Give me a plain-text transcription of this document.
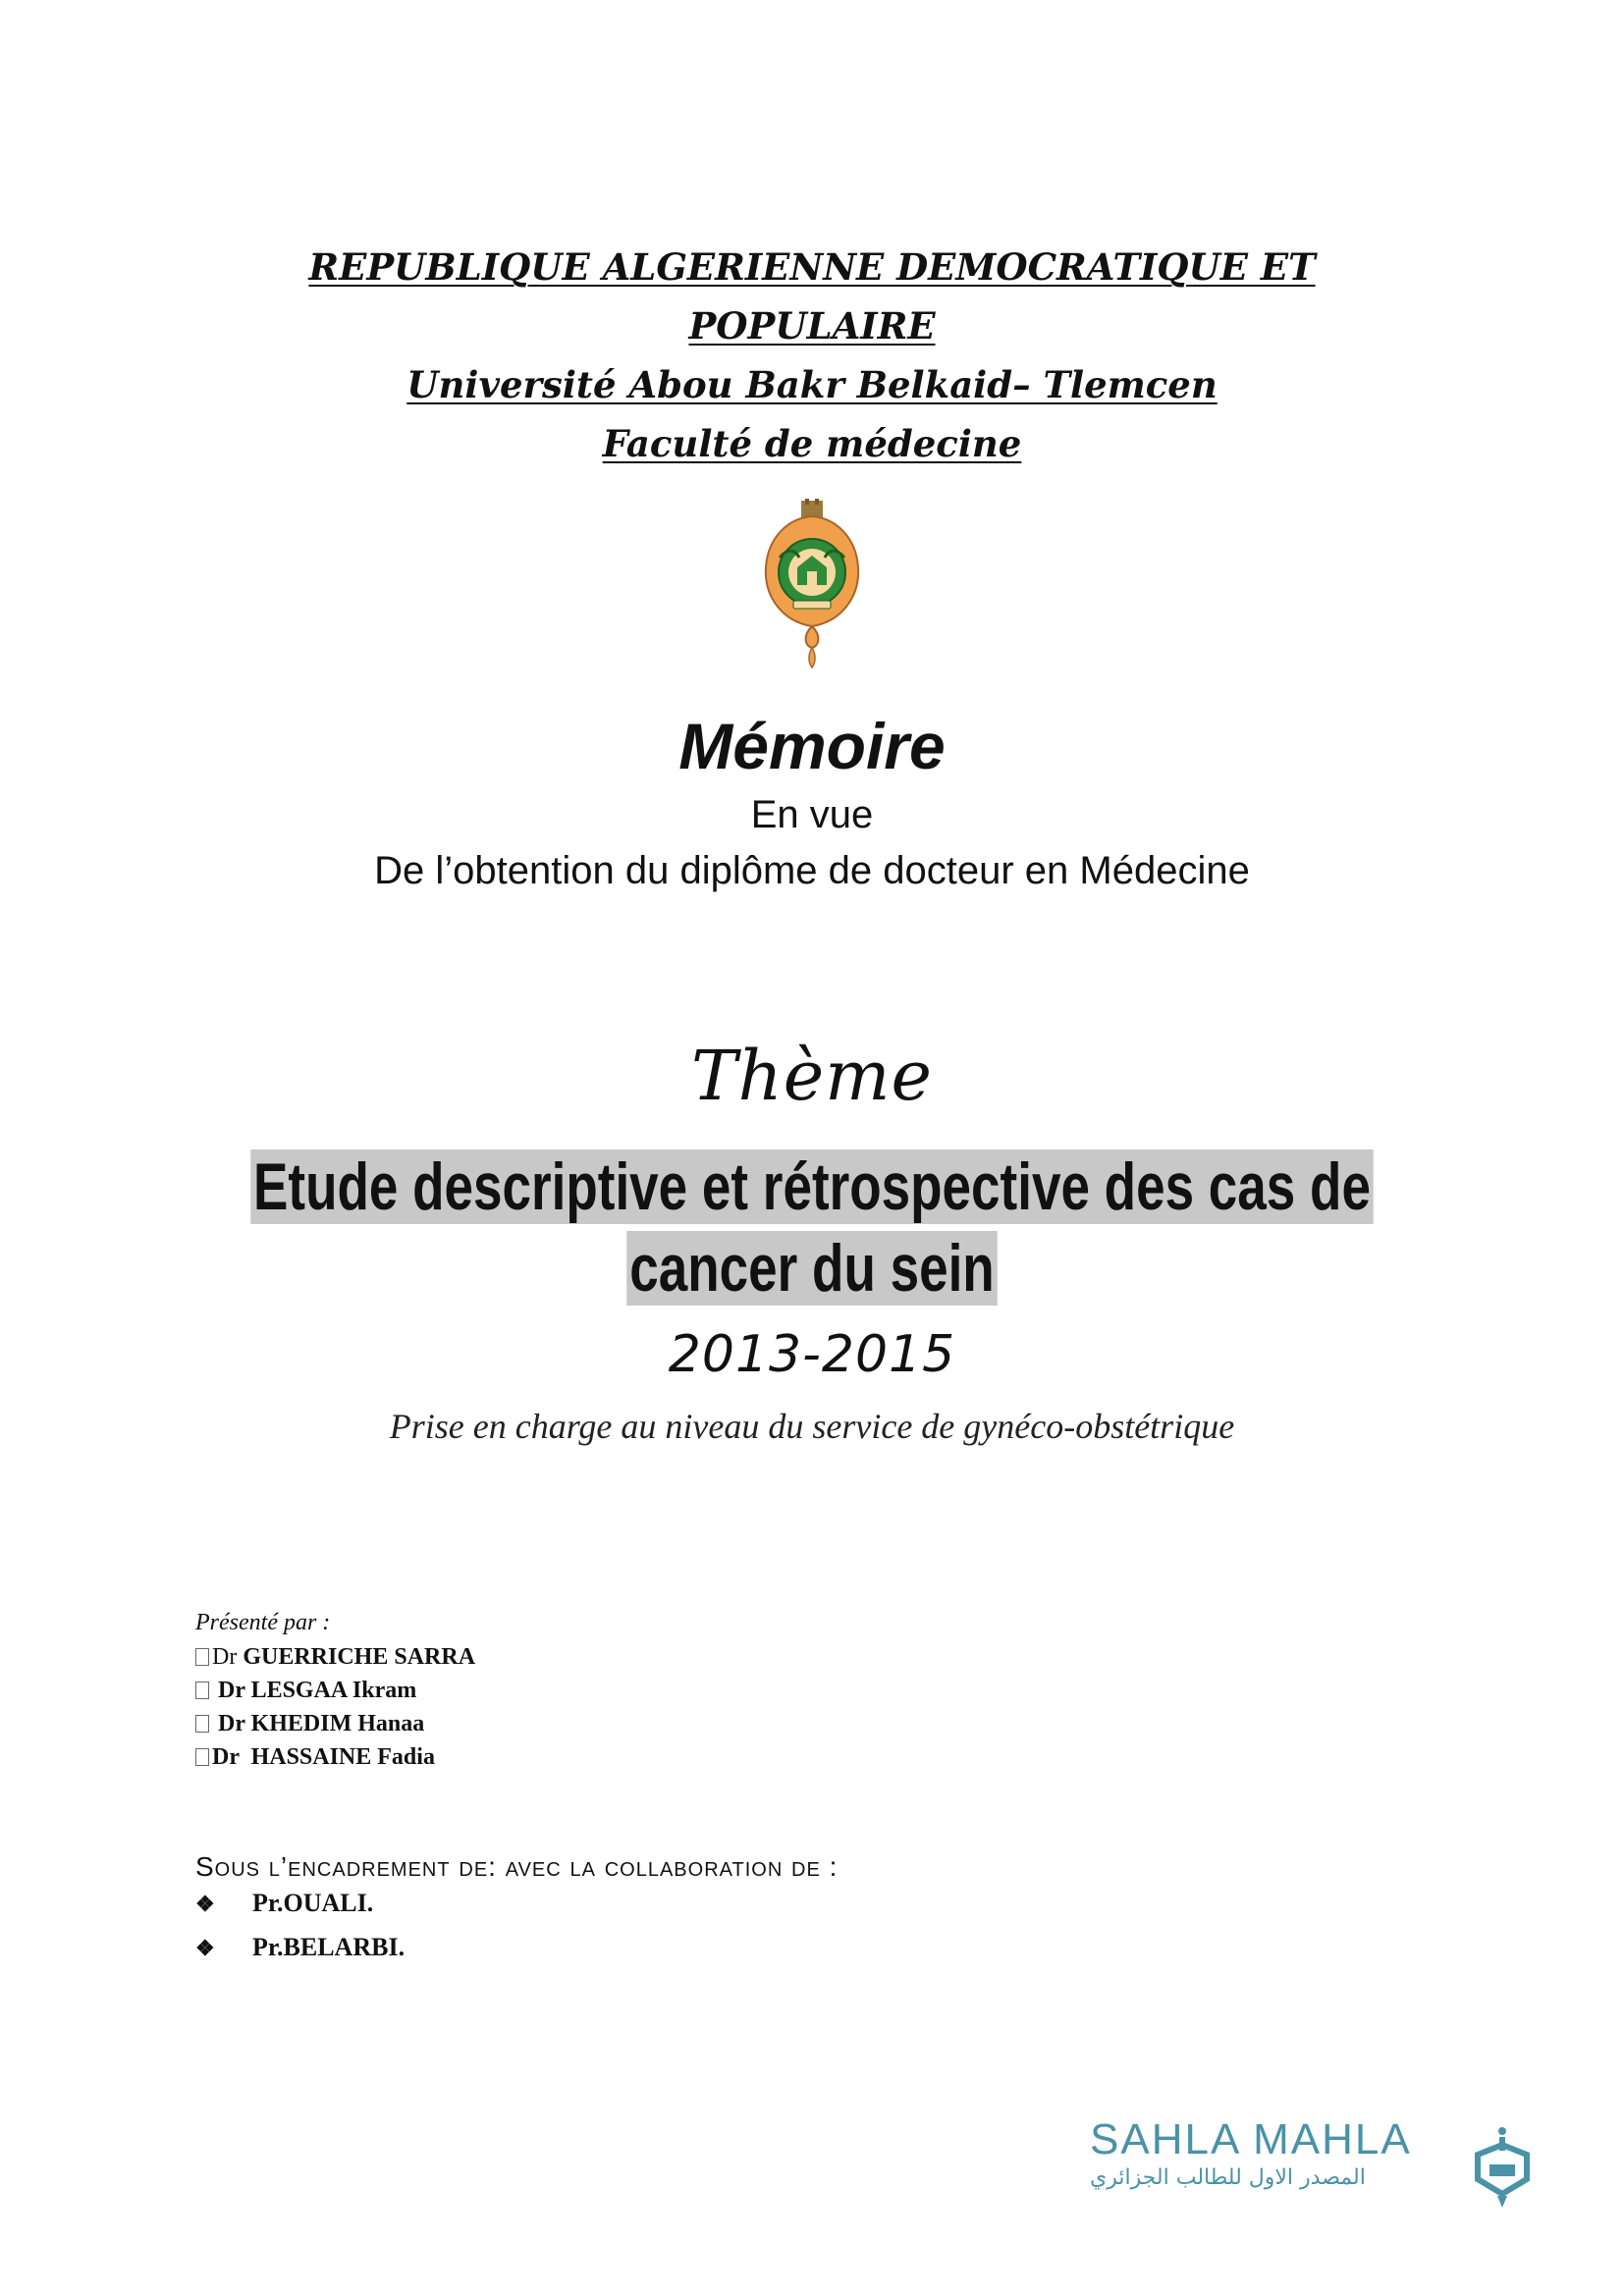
REPUBLIQUE ALGERIENNE DEMOCRATIQUE ET
POPULAIRE
Université Abou Bakr Belkaid– Tlemcen
Faculté de médecine
Mémoire
En vue
De l’obtention du diplôme de docteur en Médecine
Thème
Etude descriptive et rétrospective des cas de
cancer du sein
2013-2015
Prise en charge au niveau du service de gynéco-obstétrique
Présenté par :
Dr GUERRICHE SARRA
Dr LESGAA Ikram
Dr KHEDIM Hanaa
Dr  HASSAINE Fadia
Sous l’encadrement de: avec la collaboration de :
❖ Pr.OUALI.
❖ Pr.BELARBI.
SAHLA MAHLA
المصدر الاول للطالب الجزائري
